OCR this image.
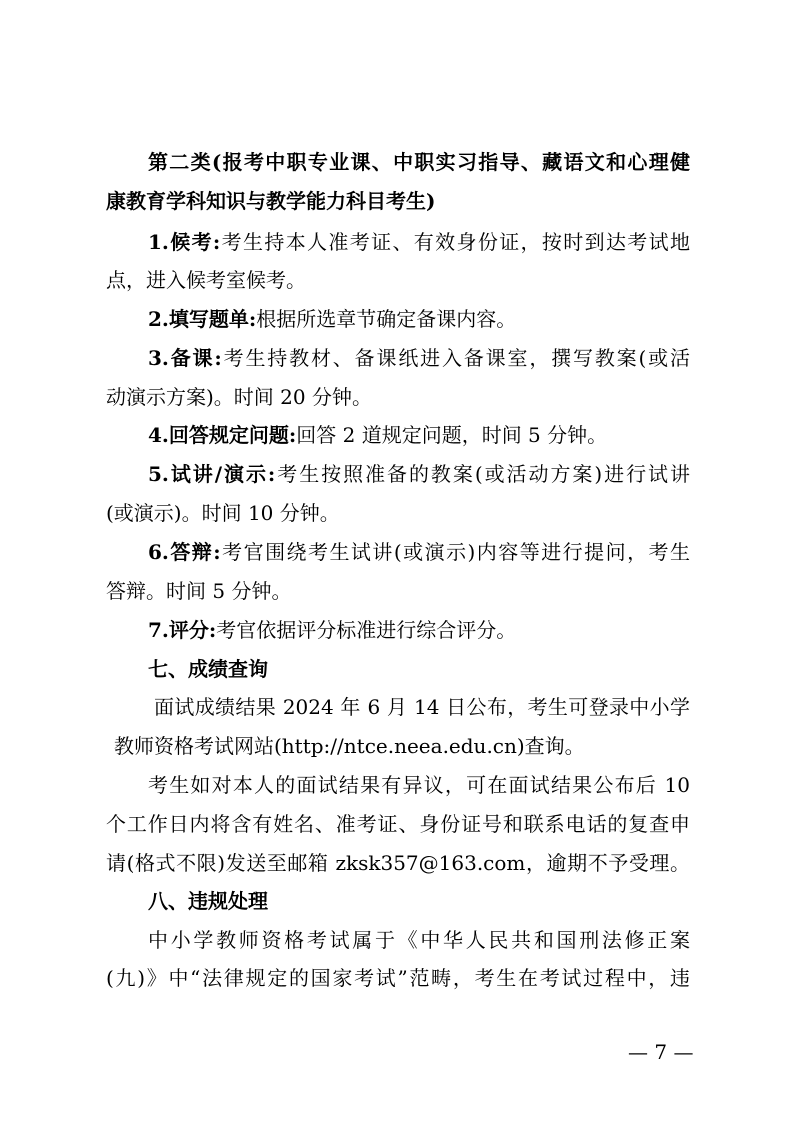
第二类(报考中职专业课、中职实习指导、藏语文和心理健
康教育学科知识与教学能力科目考生)
1.候考:考生持本人准考证、有效身份证，按时到达考试地
点，进入候考室候考。
2.填写题单:根据所选章节确定备课内容。
3.备课:考生持教材、备课纸进入备课室，撰写教案(或活
动演示方案)。时间 20 分钟。
4.回答规定问题:回答 2 道规定问题，时间 5 分钟。
5.试讲/演示:考生按照准备的教案(或活动方案)进行试讲
(或演示)。时间 10 分钟。
6.答辩:考官围绕考生试讲(或演示)内容等进行提问，考生
答辩。时间 5 分钟。
7.评分:考官依据评分标准进行综合评分。
七、成绩查询
面试成绩结果 2024 年 6 月 14 日公布，考生可登录中小学
教师资格考试网站(http://ntce.neea.edu.cn)查询。
考生如对本人的面试结果有异议，可在面试结果公布后 10
个工作日内将含有姓名、准考证、身份证号和联系电话的复查申
请(格式不限)发送至邮箱 zksk357@163.com，逾期不予受理。
八、违规处理
中小学教师资格考试属于《中华人民共和国刑法修正案
(九)》中“法律规定的国家考试”范畴，考生在考试过程中，违
— 7 —
